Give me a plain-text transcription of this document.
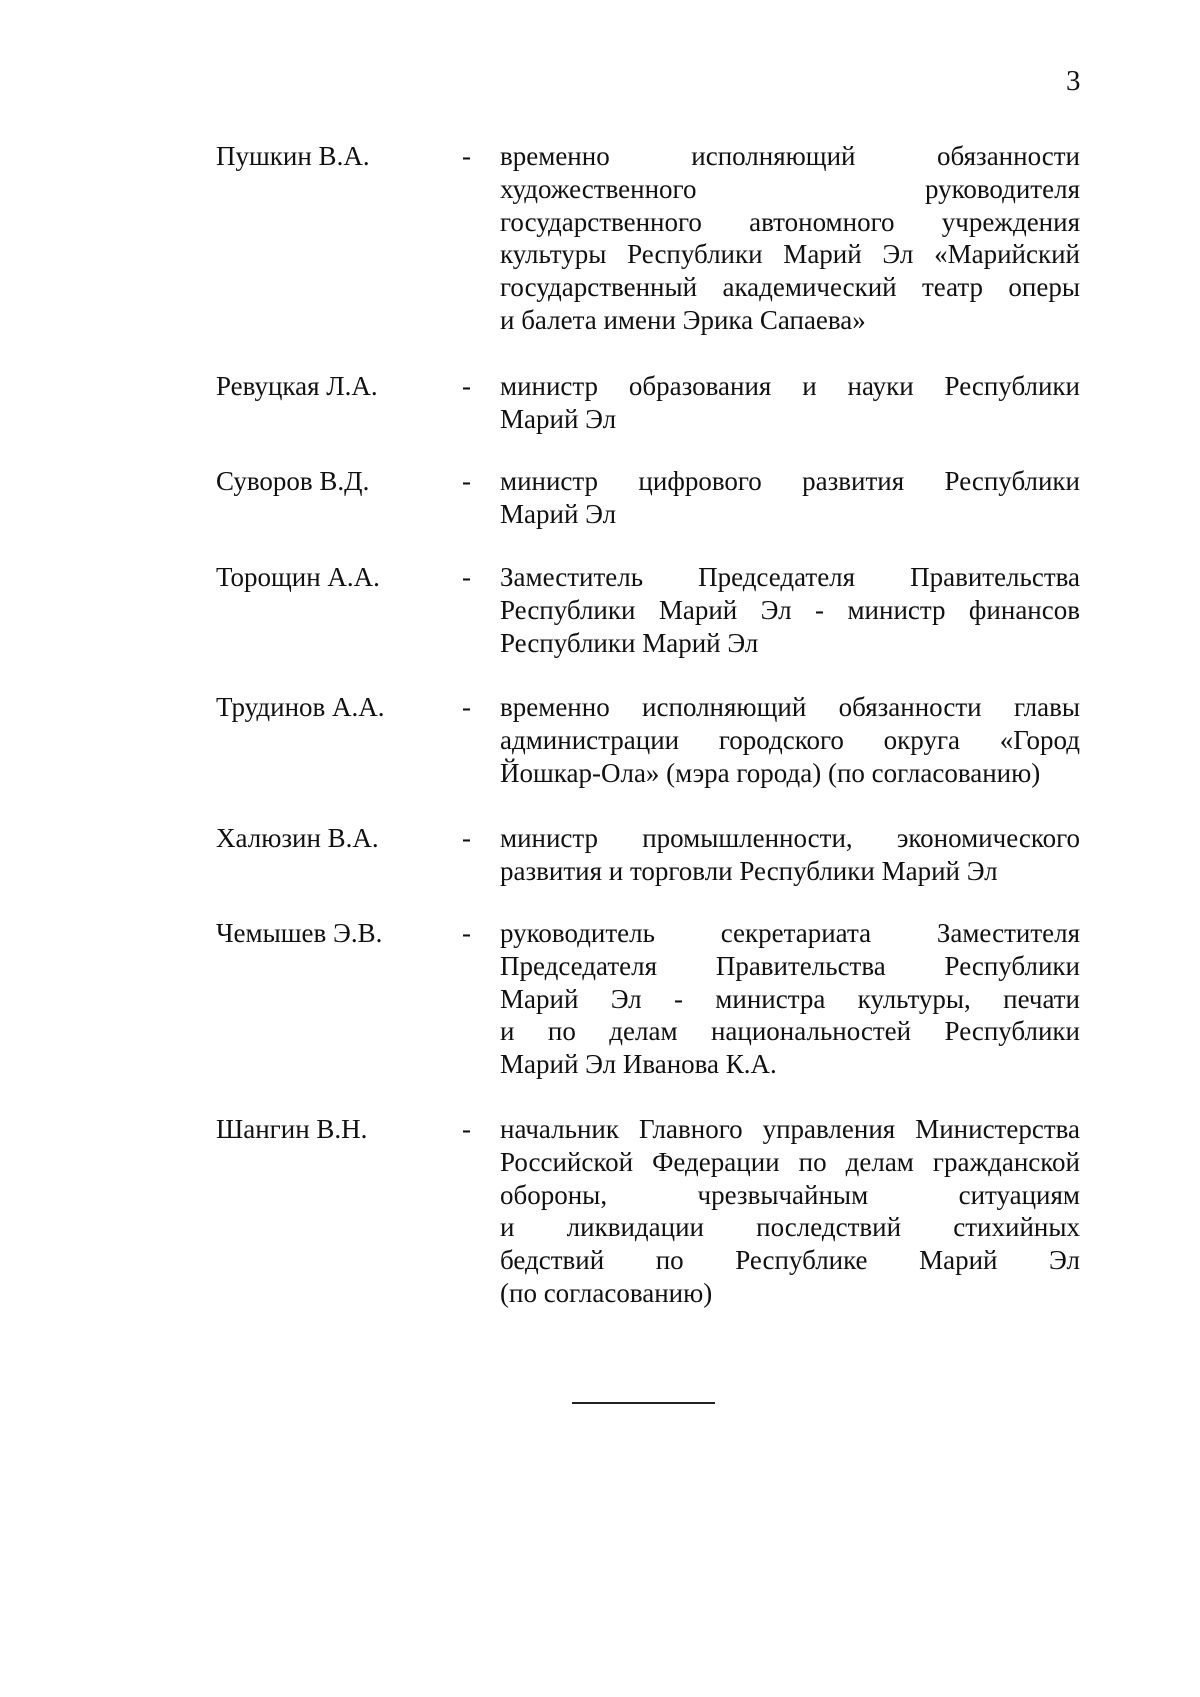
3
Пушкин В.А.	- временно исполняющий обязанности
художественного руководителя
государственного автономного учреждения
культуры Республики Марий Эл «Марийский
государственный академический театр оперы
и балета имени Эрика Сапаева»
Ревуцкая Л.А.	- министр образования и науки Республики
Марий Эл
Суворов В.Д.	- министр цифрового развития Республики
Марий Эл
Торощин А.А.	- Заместитель Председателя Правительства
Республики Марий Эл - министр финансов
Республики Марий Эл
Трудинов А.А.	- временно исполняющий обязанности главы
администрации городского округа «Город
Йошкар-Ола» (мэра города) (по согласованию)
Халюзин В.А.	- министр промышленности, экономического
развития и торговли Республики Марий Эл
Чемышев Э.В.	- руководитель секретариата Заместителя
Председателя Правительства Республики
Марий Эл - министра культуры, печати
и по делам национальностей Республики
Марий Эл Иванова К.А.
Шангин В.Н.	- начальник Главного управления Министерства
Российской Федерации по делам гражданской
обороны, чрезвычайным ситуациям
и ликвидации последствий стихийных
бедствий по Республике Марий Эл
(по согласованию)
